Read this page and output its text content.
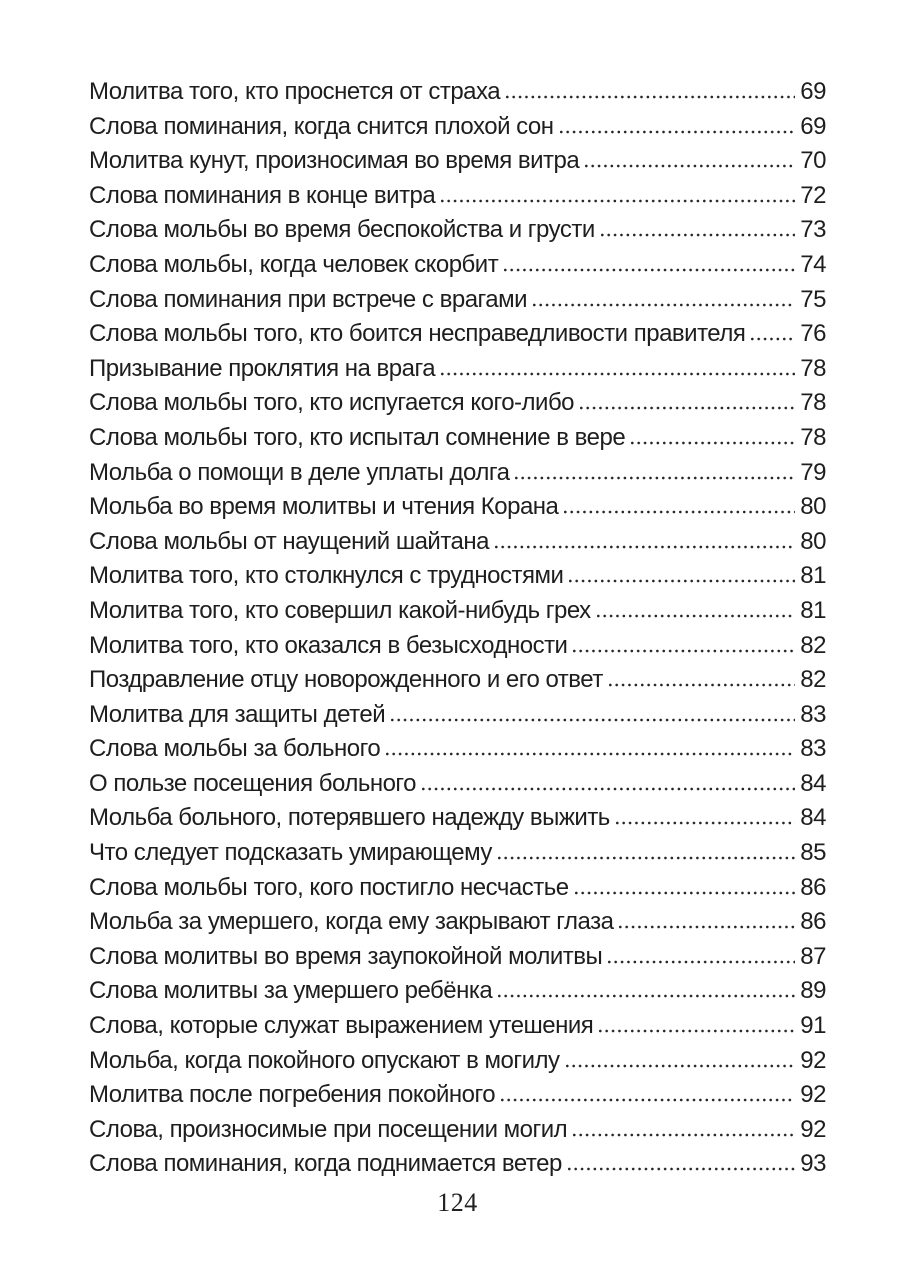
Молитва того, кто проснется от страха	69
Слова поминания, когда снится плохой сон	69
Молитва кунут, произносимая во время витра	70
Слова поминания в конце витра	72
Слова мольбы во время беспокойства и грусти	73
Слова мольбы, когда человек скорбит	74
Слова поминания при встрече с врагами	75
Слова мольбы того, кто боится несправедливости правителя 76
Призывание проклятия на врага	78
Слова мольбы того, кто испугается кого-либо	78
Слова мольбы того, кто испытал сомнение в вере	78
Мольба о помощи в деле уплаты долга	79
Мольба во время молитвы и чтения Корана	80
Слова мольбы от наущений шайтана	80
Молитва того, кто столкнулся с трудностями	81
Молитва того, кто совершил какой-нибудь грех	81
Молитва того, кто оказался в безысходности	82
Поздравление отцу новорожденного и его ответ	82
Молитва для защиты детей	83
Слова мольбы за больного	83
О пользе посещения больного	84
Мольба больного, потерявшего надежду выжить	84
Что следует подсказать умирающему	85
Слова мольбы того, кого постигло несчастье	86
Мольба за умершего, когда ему закрывают глаза	86
Слова молитвы во время заупокойной молитвы	87
Слова молитвы за умершего ребёнка	89
Слова, которые служат выражением утешения	91
Мольба, когда покойного опускают в могилу	92
Молитва после погребения покойного	92
Слова, произносимые при посещении могил	92
Слова поминания, когда поднимается ветер	93
124
